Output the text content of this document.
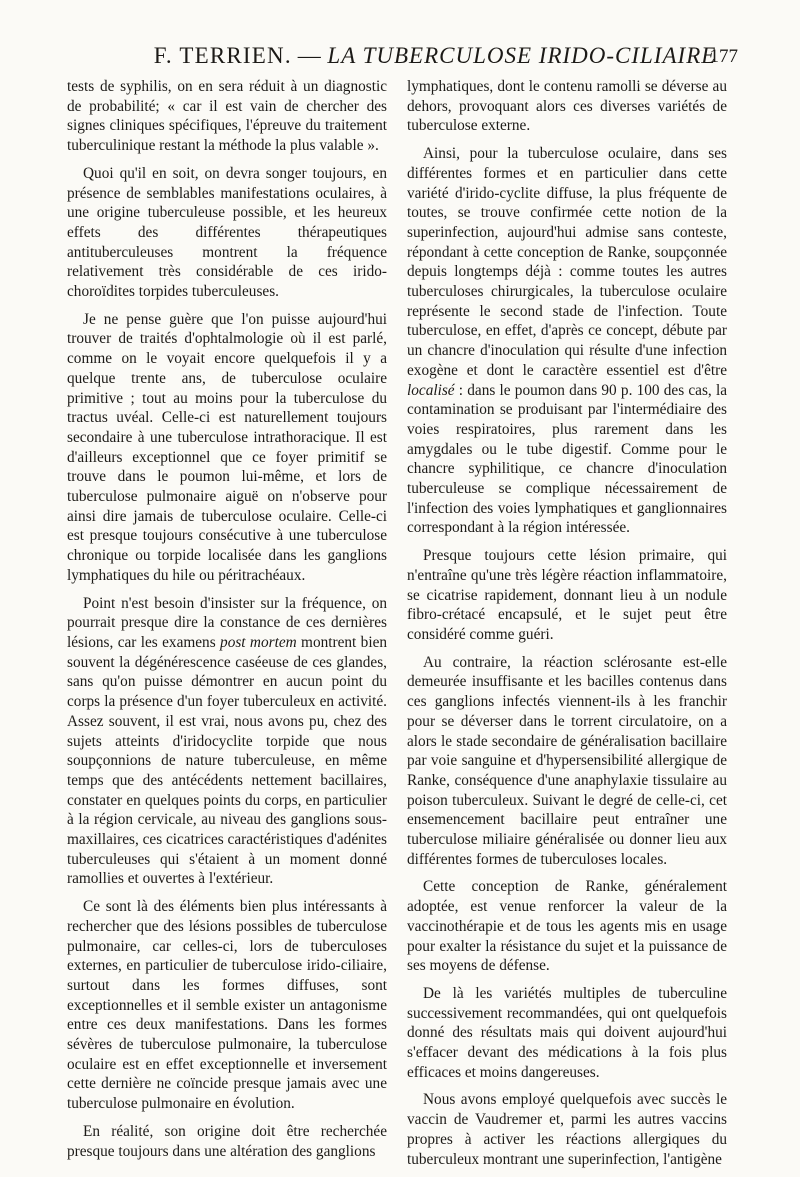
F. TERRIEN. — LA TUBERCULOSE IRIDO-CILIAIRE
177

tests de syphilis, on en sera réduit à un diagnostic de probabilité; « car il est vain de chercher des signes cliniques spécifiques, l'épreuve du traitement tuberculinique restant la méthode la plus valable ».

Quoi qu'il en soit, on devra songer toujours, en présence de semblables manifestations oculaires, à une origine tuberculeuse possible, et les heureux effets des différentes thérapeutiques antituberculeuses montrent la fréquence relativement très considérable de ces irido-choroïdites torpides tuberculeuses.

Je ne pense guère que l'on puisse aujourd'hui trouver de traités d'ophtalmologie où il est parlé, comme on le voyait encore quelquefois il y a quelque trente ans, de tuberculose oculaire primitive ; tout au moins pour la tuberculose du tractus uvéal. Celle-ci est naturellement toujours secondaire à une tuberculose intrathoracique. Il est d'ailleurs exceptionnel que ce foyer primitif se trouve dans le poumon lui-même, et lors de tuberculose pulmonaire aiguë on n'observe pour ainsi dire jamais de tuberculose oculaire. Celle-ci est presque toujours consécutive à une tuberculose chronique ou torpide localisée dans les ganglions lymphatiques du hile ou péritrachéaux.

Point n'est besoin d'insister sur la fréquence, on pourrait presque dire la constance de ces dernières lésions, car les examens post mortem montrent bien souvent la dégénérescence caséeuse de ces glandes, sans qu'on puisse démontrer en aucun point du corps la présence d'un foyer tuberculeux en activité. Assez souvent, il est vrai, nous avons pu, chez des sujets atteints d'iridocyclite torpide que nous soupçonnions de nature tuberculeuse, en même temps que des antécédents nettement bacillaires, constater en quelques points du corps, en particulier à la région cervicale, au niveau des ganglions sous-maxillaires, ces cicatrices caractéristiques d'adénites tuberculeuses qui s'étaient à un moment donné ramollies et ouvertes à l'extérieur.

Ce sont là des éléments bien plus intéressants à rechercher que des lésions possibles de tuberculose pulmonaire, car celles-ci, lors de tuberculoses externes, en particulier de tuberculose irido-ciliaire, surtout dans les formes diffuses, sont exceptionnelles et il semble exister un antagonisme entre ces deux manifestations. Dans les formes sévères de tuberculose pulmonaire, la tuberculose oculaire est en effet exceptionnelle et inversement cette dernière ne coïncide presque jamais avec une tuberculose pulmonaire en évolution.

En réalité, son origine doit être recherchée presque toujours dans une altération des ganglions

lymphatiques, dont le contenu ramolli se déverse au dehors, provoquant alors ces diverses variétés de tuberculose externe.

Ainsi, pour la tuberculose oculaire, dans ses différentes formes et en particulier dans cette variété d'irido-cyclite diffuse, la plus fréquente de toutes, se trouve confirmée cette notion de la superinfection, aujourd'hui admise sans conteste, répondant à cette conception de Ranke, soupçonnée depuis longtemps déjà : comme toutes les autres tuberculoses chirurgicales, la tuberculose oculaire représente le second stade de l'infection. Toute tuberculose, en effet, d'après ce concept, débute par un chancre d'inoculation qui résulte d'une infection exogène et dont le caractère essentiel est d'être localisé : dans le poumon dans 90 p. 100 des cas, la contamination se produisant par l'intermédiaire des voies respiratoires, plus rarement dans les amygdales ou le tube digestif. Comme pour le chancre syphilitique, ce chancre d'inoculation tuberculeuse se complique nécessairement de l'infection des voies lymphatiques et ganglionnaires correspondant à la région intéressée.

Presque toujours cette lésion primaire, qui n'entraîne qu'une très légère réaction inflammatoire, se cicatrise rapidement, donnant lieu à un nodule fibro-crétacé encapsulé, et le sujet peut être considéré comme guéri.

Au contraire, la réaction sclérosante est-elle demeurée insuffisante et les bacilles contenus dans ces ganglions infectés viennent-ils à les franchir pour se déverser dans le torrent circulatoire, on a alors le stade secondaire de généralisation bacillaire par voie sanguine et d'hypersensibilité allergique de Ranke, conséquence d'une anaphylaxie tissulaire au poison tuberculeux. Suivant le degré de celle-ci, cet ensemencement bacillaire peut entraîner une tuberculose miliaire généralisée ou donner lieu aux différentes formes de tuberculoses locales.

Cette conception de Ranke, généralement adoptée, est venue renforcer la valeur de la vaccinothérapie et de tous les agents mis en usage pour exalter la résistance du sujet et la puissance de ses moyens de défense.

De là les variétés multiples de tuberculine successivement recommandées, qui ont quelquefois donné des résultats mais qui doivent aujourd'hui s'effacer devant des médications à la fois plus efficaces et moins dangereuses.

Nous avons employé quelquefois avec succès le vaccin de Vaudremer et, parmi les autres vaccins propres à activer les réactions allergiques du tuberculeux montrant une superinfection, l'antigène
